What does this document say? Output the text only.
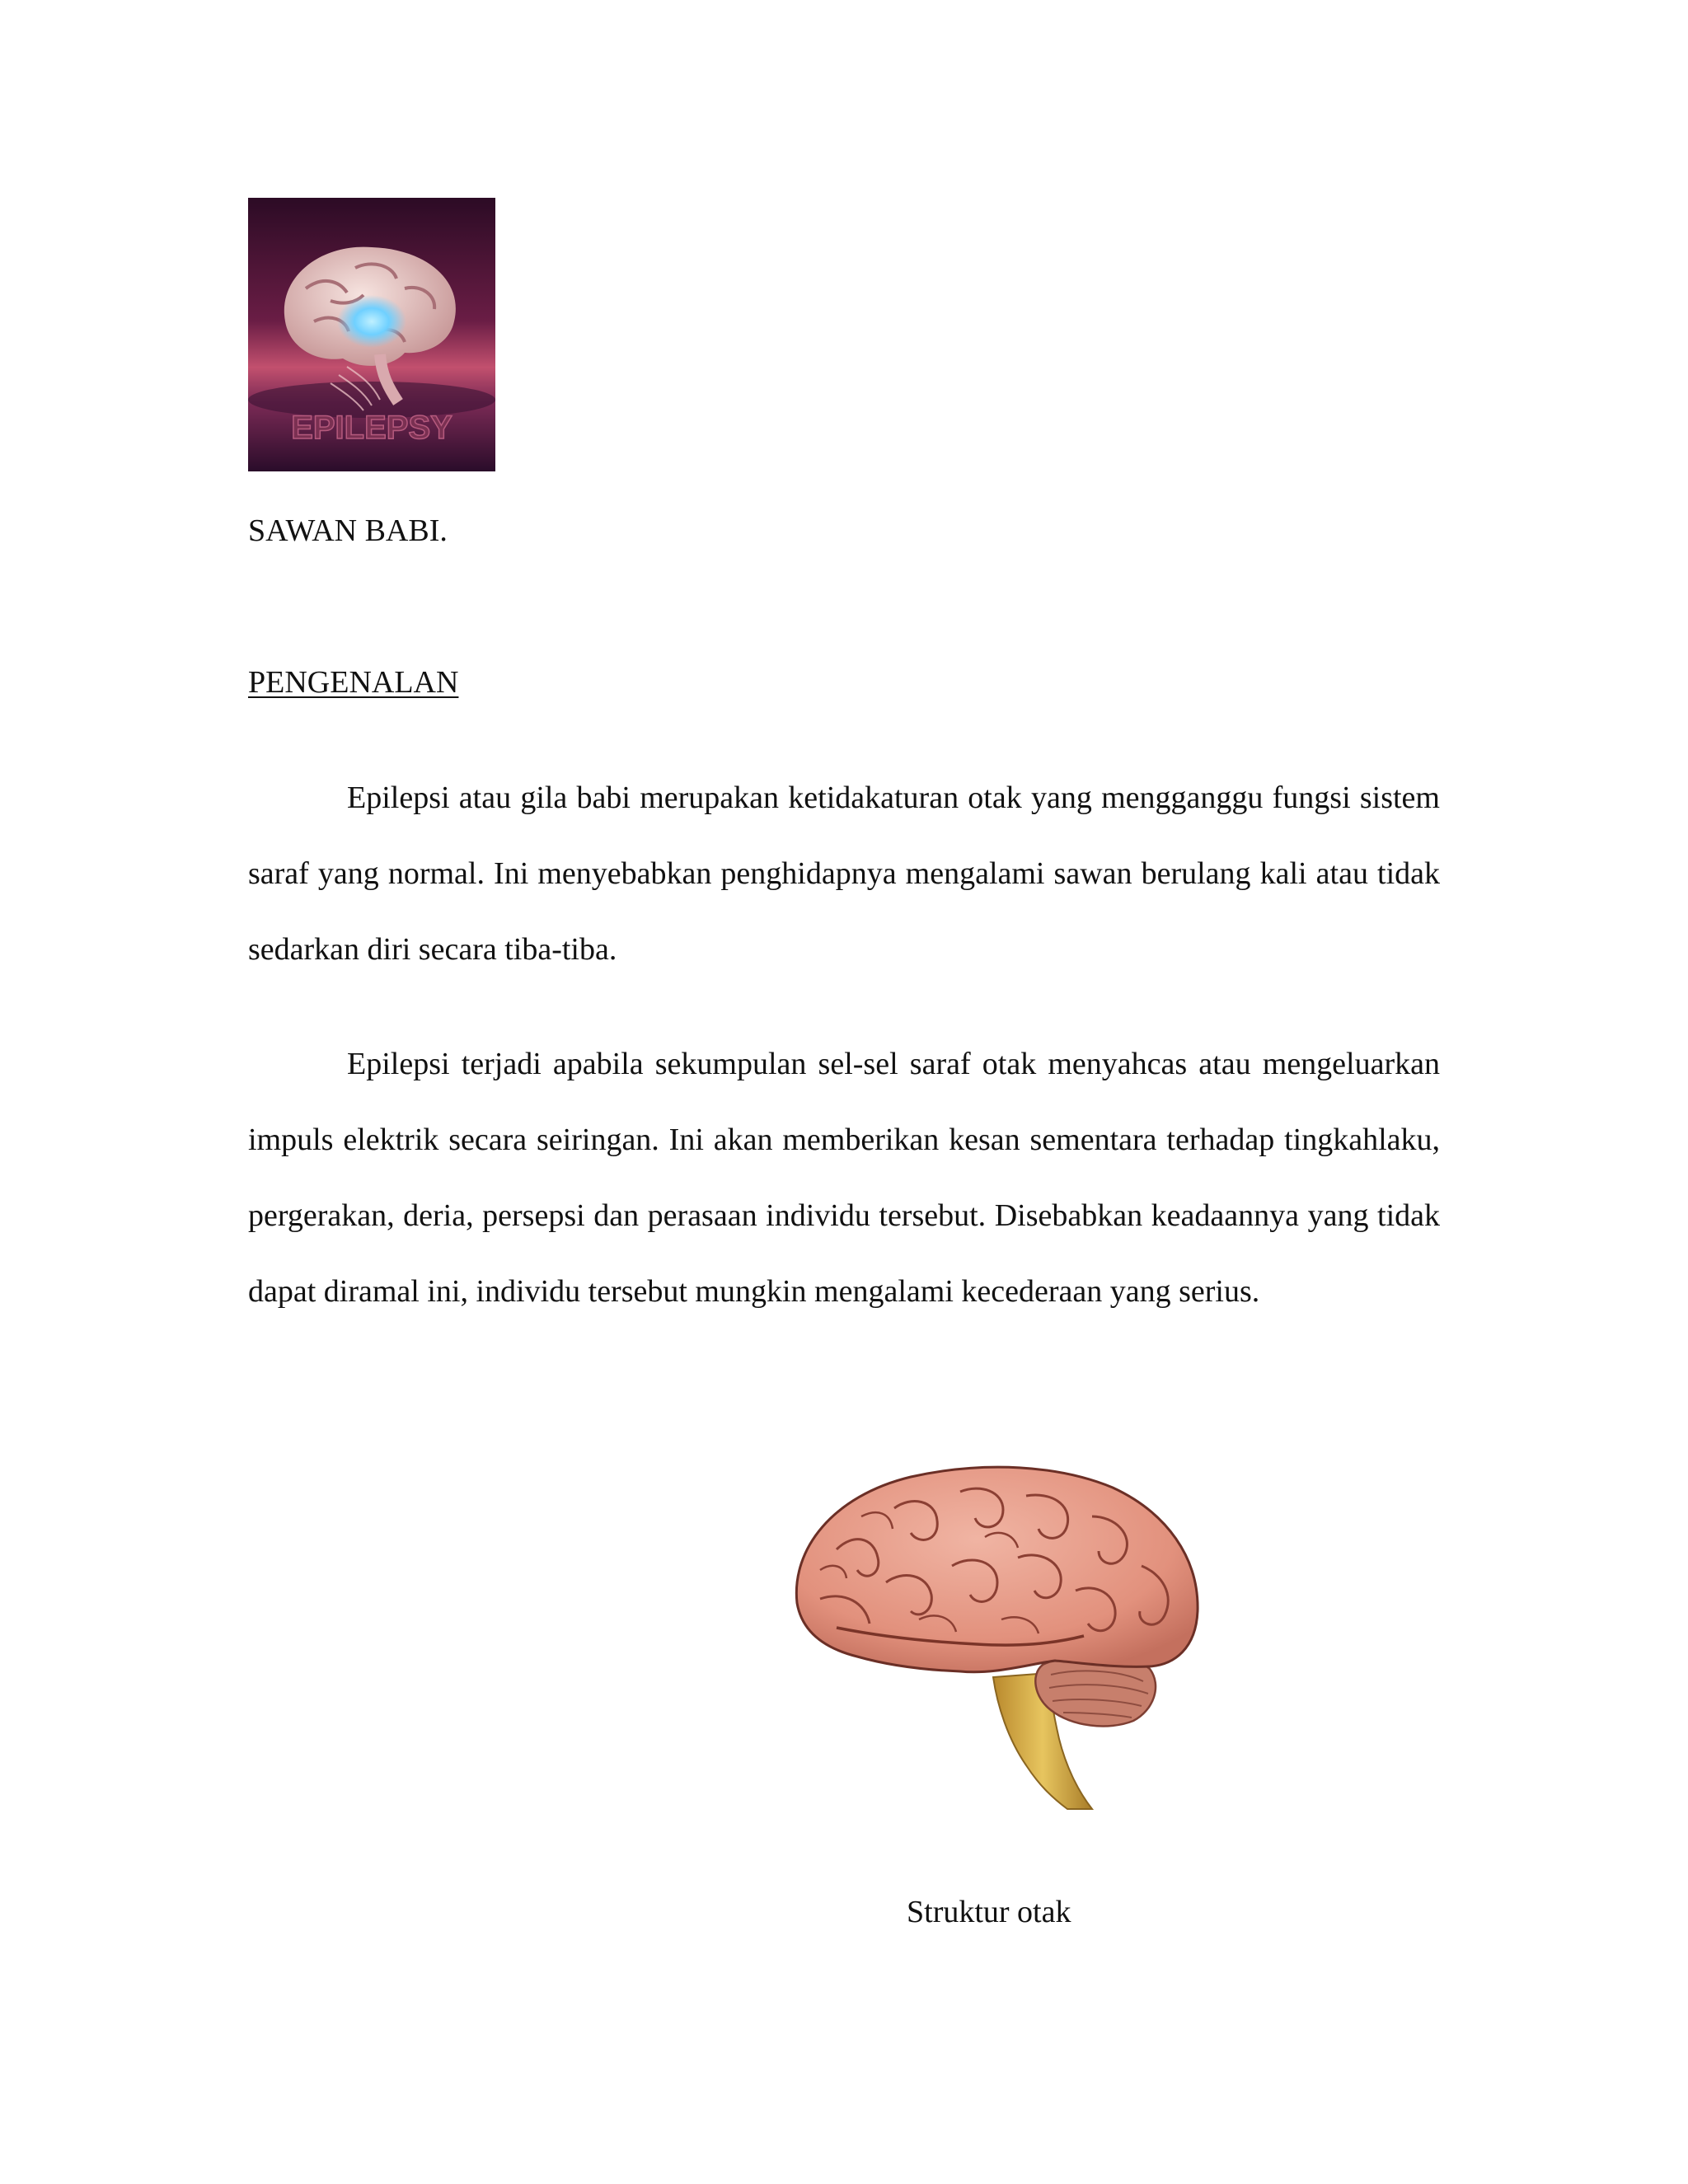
EPILEPSY
SAWAN BABI.
PENGENALAN

Epilepsi atau gila babi merupakan ketidakaturan otak yang mengganggu fungsi sistem saraf yang normal. Ini menyebabkan penghidapnya mengalami sawan berulang kali atau tidak sedarkan diri secara tiba-tiba.

Epilepsi terjadi apabila sekumpulan sel-sel saraf otak menyahcas atau mengeluarkan impuls elektrik secara seiringan. Ini akan memberikan kesan sementara terhadap tingkahlaku, pergerakan, deria, persepsi dan perasaan individu tersebut. Disebabkan keadaannya yang tidak dapat diramal ini, individu tersebut mungkin mengalami kecederaan yang serius.

Struktur otak
